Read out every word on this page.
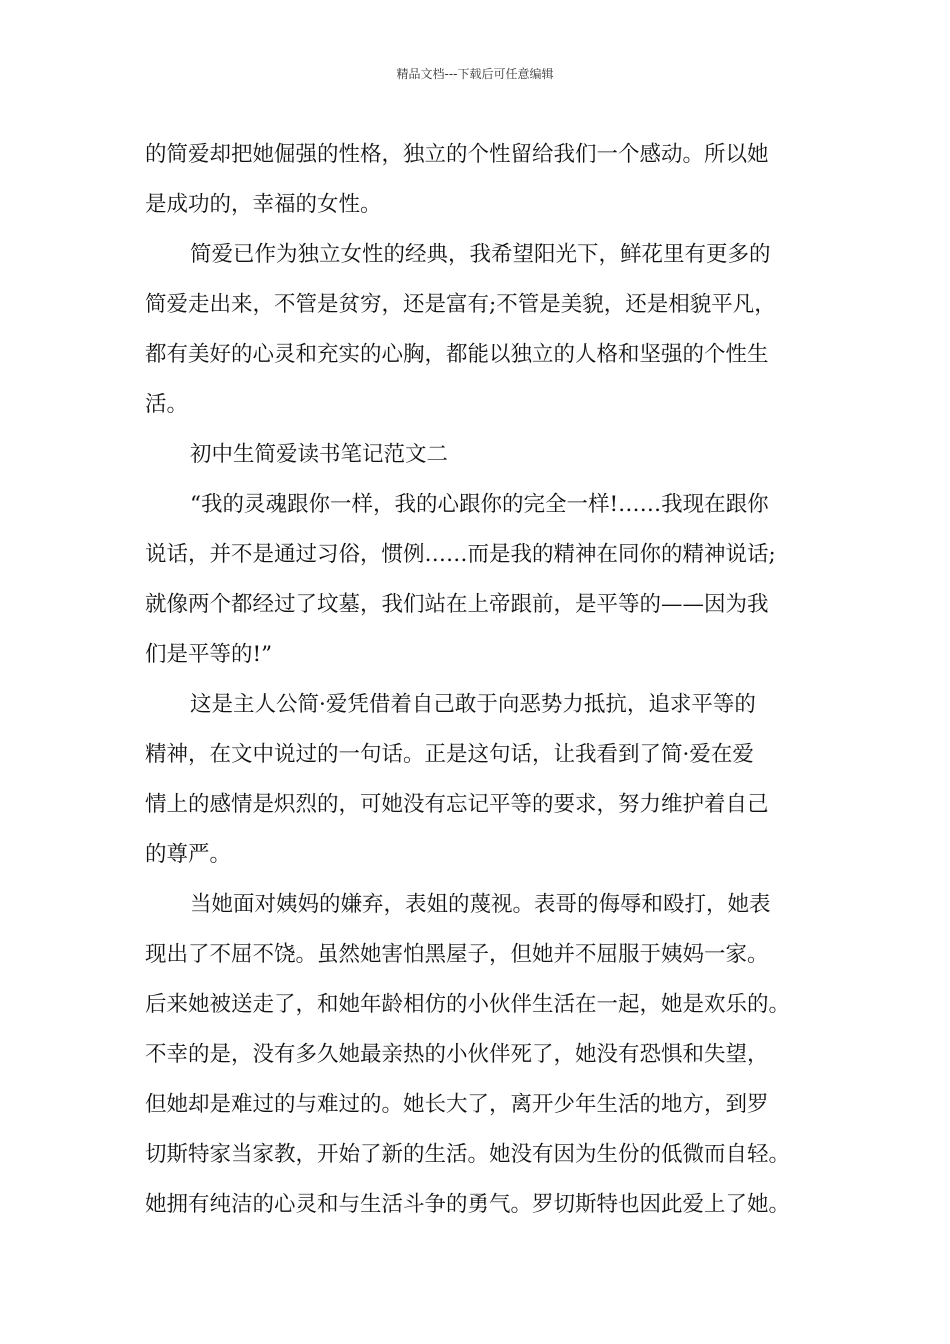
精品文档---下载后可任意编辑
的简爱却把她倔强的性格，独立的个性留给我们一个感动。所以她
是成功的，幸福的女性。
简爱已作为独立女性的经典，我希望阳光下，鲜花里有更多的
简爱走出来，不管是贫穷，还是富有;不管是美貌，还是相貌平凡，
都有美好的心灵和充实的心胸，都能以独立的人格和坚强的个性生
活。
初中生简爱读书笔记范文二
“我的灵魂跟你一样，我的心跟你的完全一样!……我现在跟你
说话，并不是通过习俗，惯例……而是我的精神在同你的精神说话;
就像两个都经过了坟墓，我们站在上帝跟前，是平等的——因为我
们是平等的!”
这是主人公简·爱凭借着自己敢于向恶势力抵抗，追求平等的
精神，在文中说过的一句话。正是这句话，让我看到了简·爱在爱
情上的感情是炽烈的，可她没有忘记平等的要求，努力维护着自己
的尊严。
当她面对姨妈的嫌弃，表姐的蔑视。表哥的侮辱和殴打，她表
现出了不屈不饶。虽然她害怕黑屋子，但她并不屈服于姨妈一家。
后来她被送走了，和她年龄相仿的小伙伴生活在一起，她是欢乐的。
不幸的是，没有多久她最亲热的小伙伴死了，她没有恐惧和失望，
但她却是难过的与难过的。她长大了，离开少年生活的地方，到罗
切斯特家当家教，开始了新的生活。她没有因为生份的低微而自轻。
她拥有纯洁的心灵和与生活斗争的勇气。罗切斯特也因此爱上了她。
